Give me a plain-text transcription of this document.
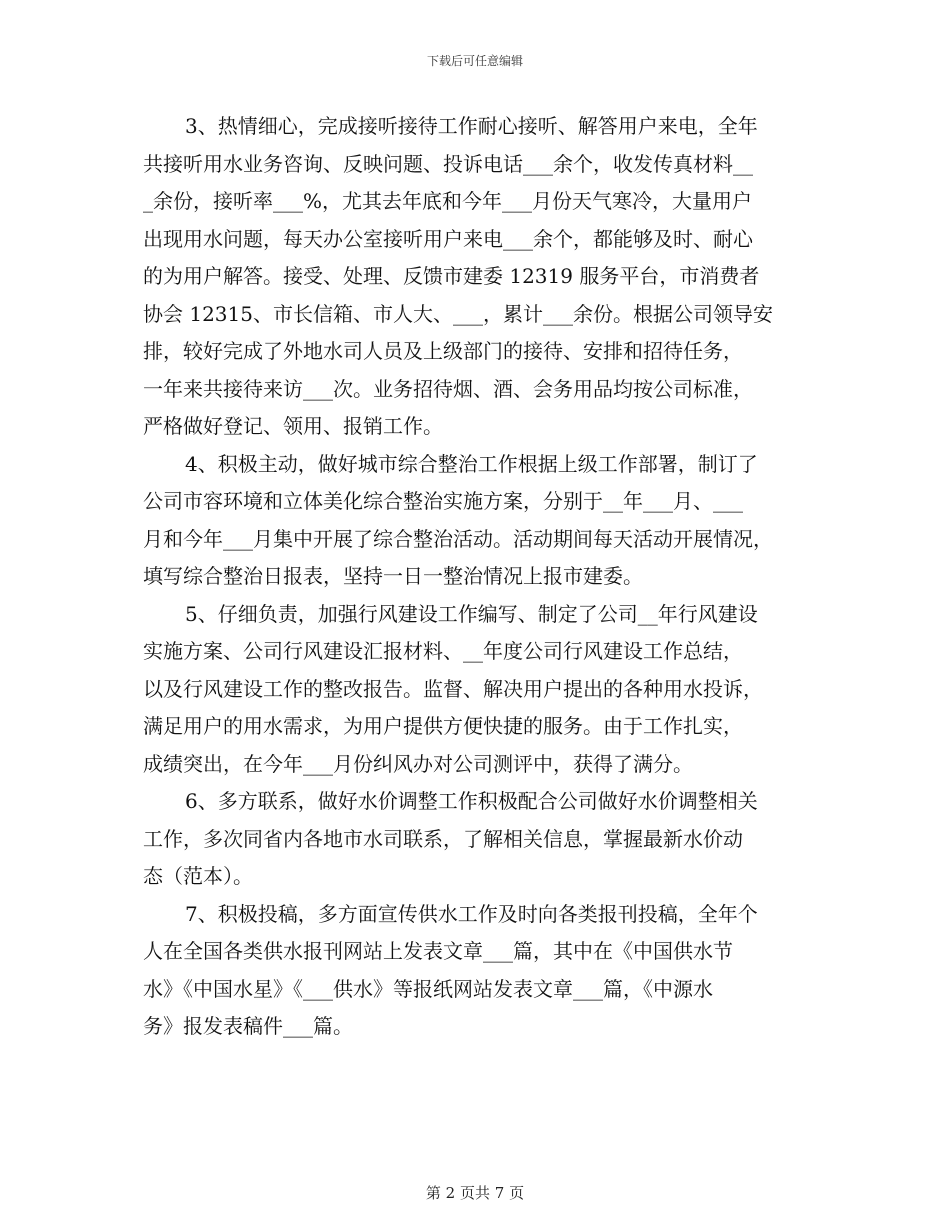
下载后可任意编辑
3、热情细心，完成接听接待工作耐心接听、解答用户来电，全年
共接听用水业务咨询、反映问题、投诉电话___余个，收发传真材料__
_余份，接听率___%，尤其去年底和今年___月份天气寒冷，大量用户
出现用水问题，每天办公室接听用户来电___余个，都能够及时、耐心
的为用户解答。接受、处理、反馈市建委 12319 服务平台，市消费者
协会 12315、市长信箱、市人大、___，累计___余份。根据公司领导安
排，较好完成了外地水司人员及上级部门的接待、安排和招待任务，
一年来共接待来访___次。业务招待烟、酒、会务用品均按公司标准，
严格做好登记、领用、报销工作。
4、积极主动，做好城市综合整治工作根据上级工作部署，制订了
公司市容环境和立体美化综合整治实施方案，分别于__年___月、___
月和今年___月集中开展了综合整治活动。活动期间每天活动开展情况，
填写综合整治日报表，坚持一日一整治情况上报市建委。
5、仔细负责，加强行风建设工作编写、制定了公司__年行风建设
实施方案、公司行风建设汇报材料、__年度公司行风建设工作总结，
以及行风建设工作的整改报告。监督、解决用户提出的各种用水投诉，
满足用户的用水需求，为用户提供方便快捷的服务。由于工作扎实，
成绩突出，在今年___月份纠风办对公司测评中，获得了满分。
6、多方联系，做好水价调整工作积极配合公司做好水价调整相关
工作，多次同省内各地市水司联系，了解相关信息，掌握最新水价动
态（范本）。
7、积极投稿，多方面宣传供水工作及时向各类报刊投稿，全年个
人在全国各类供水报刊网站上发表文章___篇，其中在《中国供水节
水》《中国水星》《___供水》等报纸网站发表文章___篇，《中源水
务》报发表稿件___篇。
第 2 页共 7 页
